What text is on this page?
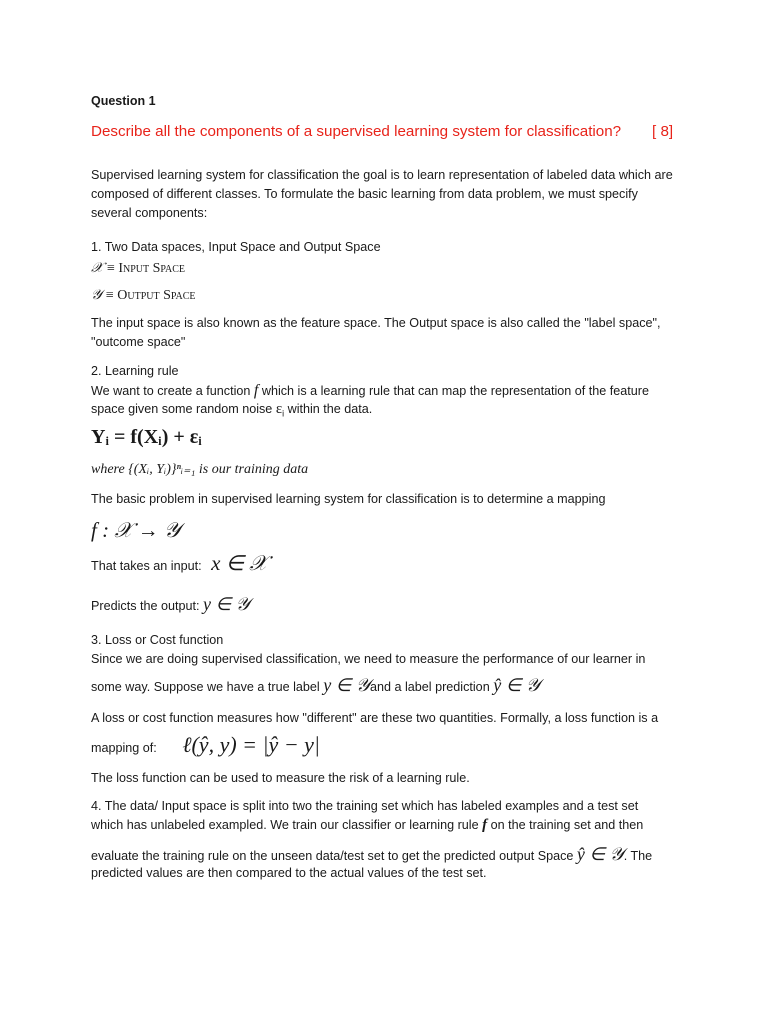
Question 1
Describe all the components of a supervised learning system for classification? [ 8]
Supervised learning system for classification the goal is to learn representation of labeled data which are
composed of different classes. To formulate the basic learning from data problem, we must specify
several components:
1. Two Data spaces, Input Space and Output Space
𝒳 ≡ Input Space
𝒴 ≡ Output Space
The input space is also known as the feature space. The Output space is also called the "label space",
"outcome space"
2. Learning rule
We want to create a function f which is a learning rule that can map the representation of the feature
space given some random noise $\varepsilon_i$ within the data.
Yᵢ = f(Xᵢ) + εᵢ
where {(Xᵢ, Yᵢ)}ⁿᵢ₌₁ is our training data
The basic problem in supervised learning system for classification is to determine a mapping
f : 𝒳 → 𝒴
That takes an input: x ∈ 𝒳
Predicts the output: y ∈ 𝒴
3. Loss or Cost function
Since we are doing supervised classification, we need to measure the performance of our learner in
some way. Suppose we have a true label y ∈ 𝒴and a label prediction ŷ ∈ 𝒴
A loss or cost function measures how "different" are these two quantities. Formally, a loss function is a
mapping of: ℓ(ŷ, y) = |ŷ − y|
The loss function can be used to measure the risk of a learning rule.
4. The data/ Input space is split into two the training set which has labeled examples and a test set
which has unlabeled exampled. We train our classifier or learning rule f on the training set and then
evaluate the training rule on the unseen data/test set to get the predicted output Space ŷ ∈ 𝒴. The
predicted values are then compared to the actual values of the test set.
